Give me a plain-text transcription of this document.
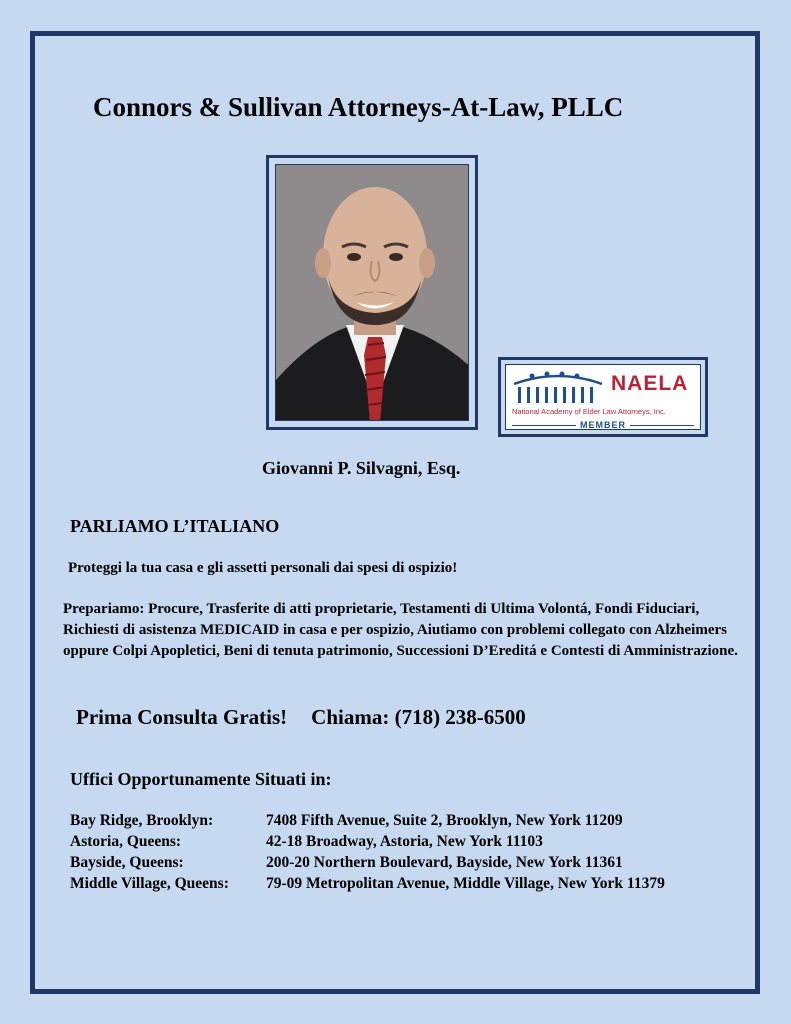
Connors & Sullivan Attorneys-At-Law, PLLC
NAELA
National Academy of Elder Law Attorneys, Inc.
MEMBER
Giovanni P. Silvagni, Esq.
PARLIAMO L’ITALIANO
Proteggi la tua casa e gli assetti personali dai spesi di ospizio!
Prepariamo: Procure, Trasferite di atti proprietarie, Testamenti di Ultima Volontá, Fondi Fiduciari, Richiesti di asistenza MEDICAID in casa e per ospizio, Aiutiamo con problemi collegato con Alzheimers oppure Colpi Apopletici, Beni di tenuta patrimonio, Successioni D’Ereditá e Contesti di Amministrazione.
Prima Consulta Gratis! Chiama: (718) 238-6500
Uffici Opportunamente Situati in:
Bay Ridge, Brooklyn:	7408 Fifth Avenue, Suite 2, Brooklyn, New York 11209
Astoria, Queens:	42-18 Broadway, Astoria, New York 11103
Bayside, Queens:	200-20 Northern Boulevard, Bayside, New York 11361
Middle Village, Queens:	79-09 Metropolitan Avenue, Middle Village, New York 11379
